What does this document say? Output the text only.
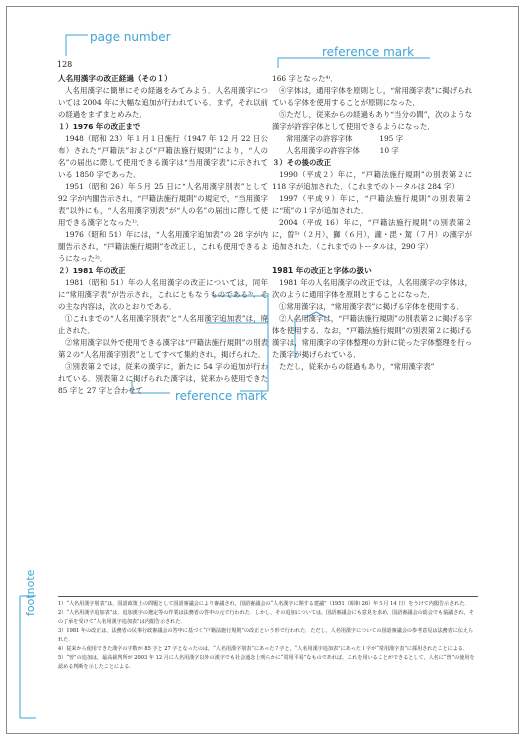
page number
reference mark
reference mark
footnote
128

人名用漢字の改正経過（その１）

人名用漢字に簡単にその経過をみてみよう．人名用漢字については 2004 年に大幅な追加が行われている．まず，それ以前の経過をまずまとめみた．

１）1976 年の改正まで

1948（昭和 23）年１月１日施行（1947 年 12 月 22 日公布）された“戸籍法”および“戸籍法施行規則”により，“人の名”の届出に際して使用できる漢字は“当用漢字表”に示されている 1850 字であった．

1951（昭和 26）年５月 25 日に“人名用漢字別表”として 92 字が内閣告示され，“戸籍法施行規則”の規定で，“当用漢字表”以外にも，“人名用漢字別表”が“人の名”の届出に際して使用できる漢字となった¹⁾．

1976（昭和 51）年には，“人名用漢字追加表”の 28 字が内閣告示され，“戸籍法施行規則”を改正し，これも使用できるようになった²⁾．

２）1981 年の改正

1981（昭和 51）年の人名用漢字の改正については，同年に“常用漢字表”が告示され，これにともなうものである³⁾．その主な内容は，次のとおりである．

①これまでの“人名用漢字別表”と“人名用漢字追加表”は，廃止された．

②常用漢字以外で使用できる漢字は“戸籍法施行規則”の別表第２の“人名用漢字別表”としてすべて集約され，掲げられた．

③別表第２では，従来の漢字に，新たに 54 字の追加が行われている．別表第２に掲げられた漢字は，従来から使用できた 85 字と 27 字と合わせて

166 字となった⁴⁾．

④字体は，通用字体を原則とし，“常用漢字表”に掲げられている字体を使用することが原則になった．

⑤ただし，従来からの経過もあり“当分の間”，次のような漢字が許容字体として使用できるようになった．

常用漢字の許容字体	195 字

人名用漢字の許容字体	10 字

３）その後の改正

1990（平成２）年に，“戸籍法施行規則”の別表第２に 118 字が追加された．（これまでのトータルは 284 字）

1997（平成９）年に，“戸籍法施行規則”の別表第２に“琉”の１字が追加された．

2004（平成 16）年に，“戸籍法施行規則”の別表第２に，曽⁵⁾（２月），獅（６月），瀧・毘・駕（７月）の漢字が追加された．（これまでのトータルは，290 字）

1981 年の改正と字体の扱い

1981 年の人名用漢字の改正では，人名用漢字の字体は，次のように通用字体を原則とすることになった．

①常用漢字は，“常用漢字表”に掲げる字体を使用する．

②人名用漢字は，“戸籍法施行規則”の別表第２に掲げる字体を使用する．なお，“戸籍法施行規則”の別表第２に掲げる漢字は，常用漢字の字体整理の方針に従った字体整理を行った漢字が掲げられている．

ただし，従来からの経過もあり，“常用漢字表”

1）“人名用漢字別表”は，国語政策上の問題として国語審議会により審議され，国語審議会の“人名漢字に関する建議”（1951（昭和 26）年５月 14 日）をうけて内閣告示された．

2）“人名用漢字追加表”は，追加漢字の選定等の作業は法務省の答申の元で行われた．しかし，その追加については，国語審議会にも意見を求め，国語審議会の総会でも協議され，その了承を受けて“人名用漢字追加表”は内閣告示された．

3）1981 年の改正は，法務省の民事行政審議会の答申に基づく“戸籍法施行規則”の改正という形で行われた．ただし，人名用漢字についての国語審議会の参考意見は法務省に伝えられた．

4）従来から使用できた漢字の字数が 85 字と 27 字となったのは，“人名用漢字別表”にあった７字と，“人名用漢字追加表”にあった１字が“常用漢字表”に採用されたことによる．

5）“曽”の追加は，最高裁判所が 2003 年 12 月に人名用漢字以外の漢字でも社会通念上明らかに“常用平易”なものであれば，これを用いることができるとして，人名に“曽”の使用を認める判断を示したことによる．
